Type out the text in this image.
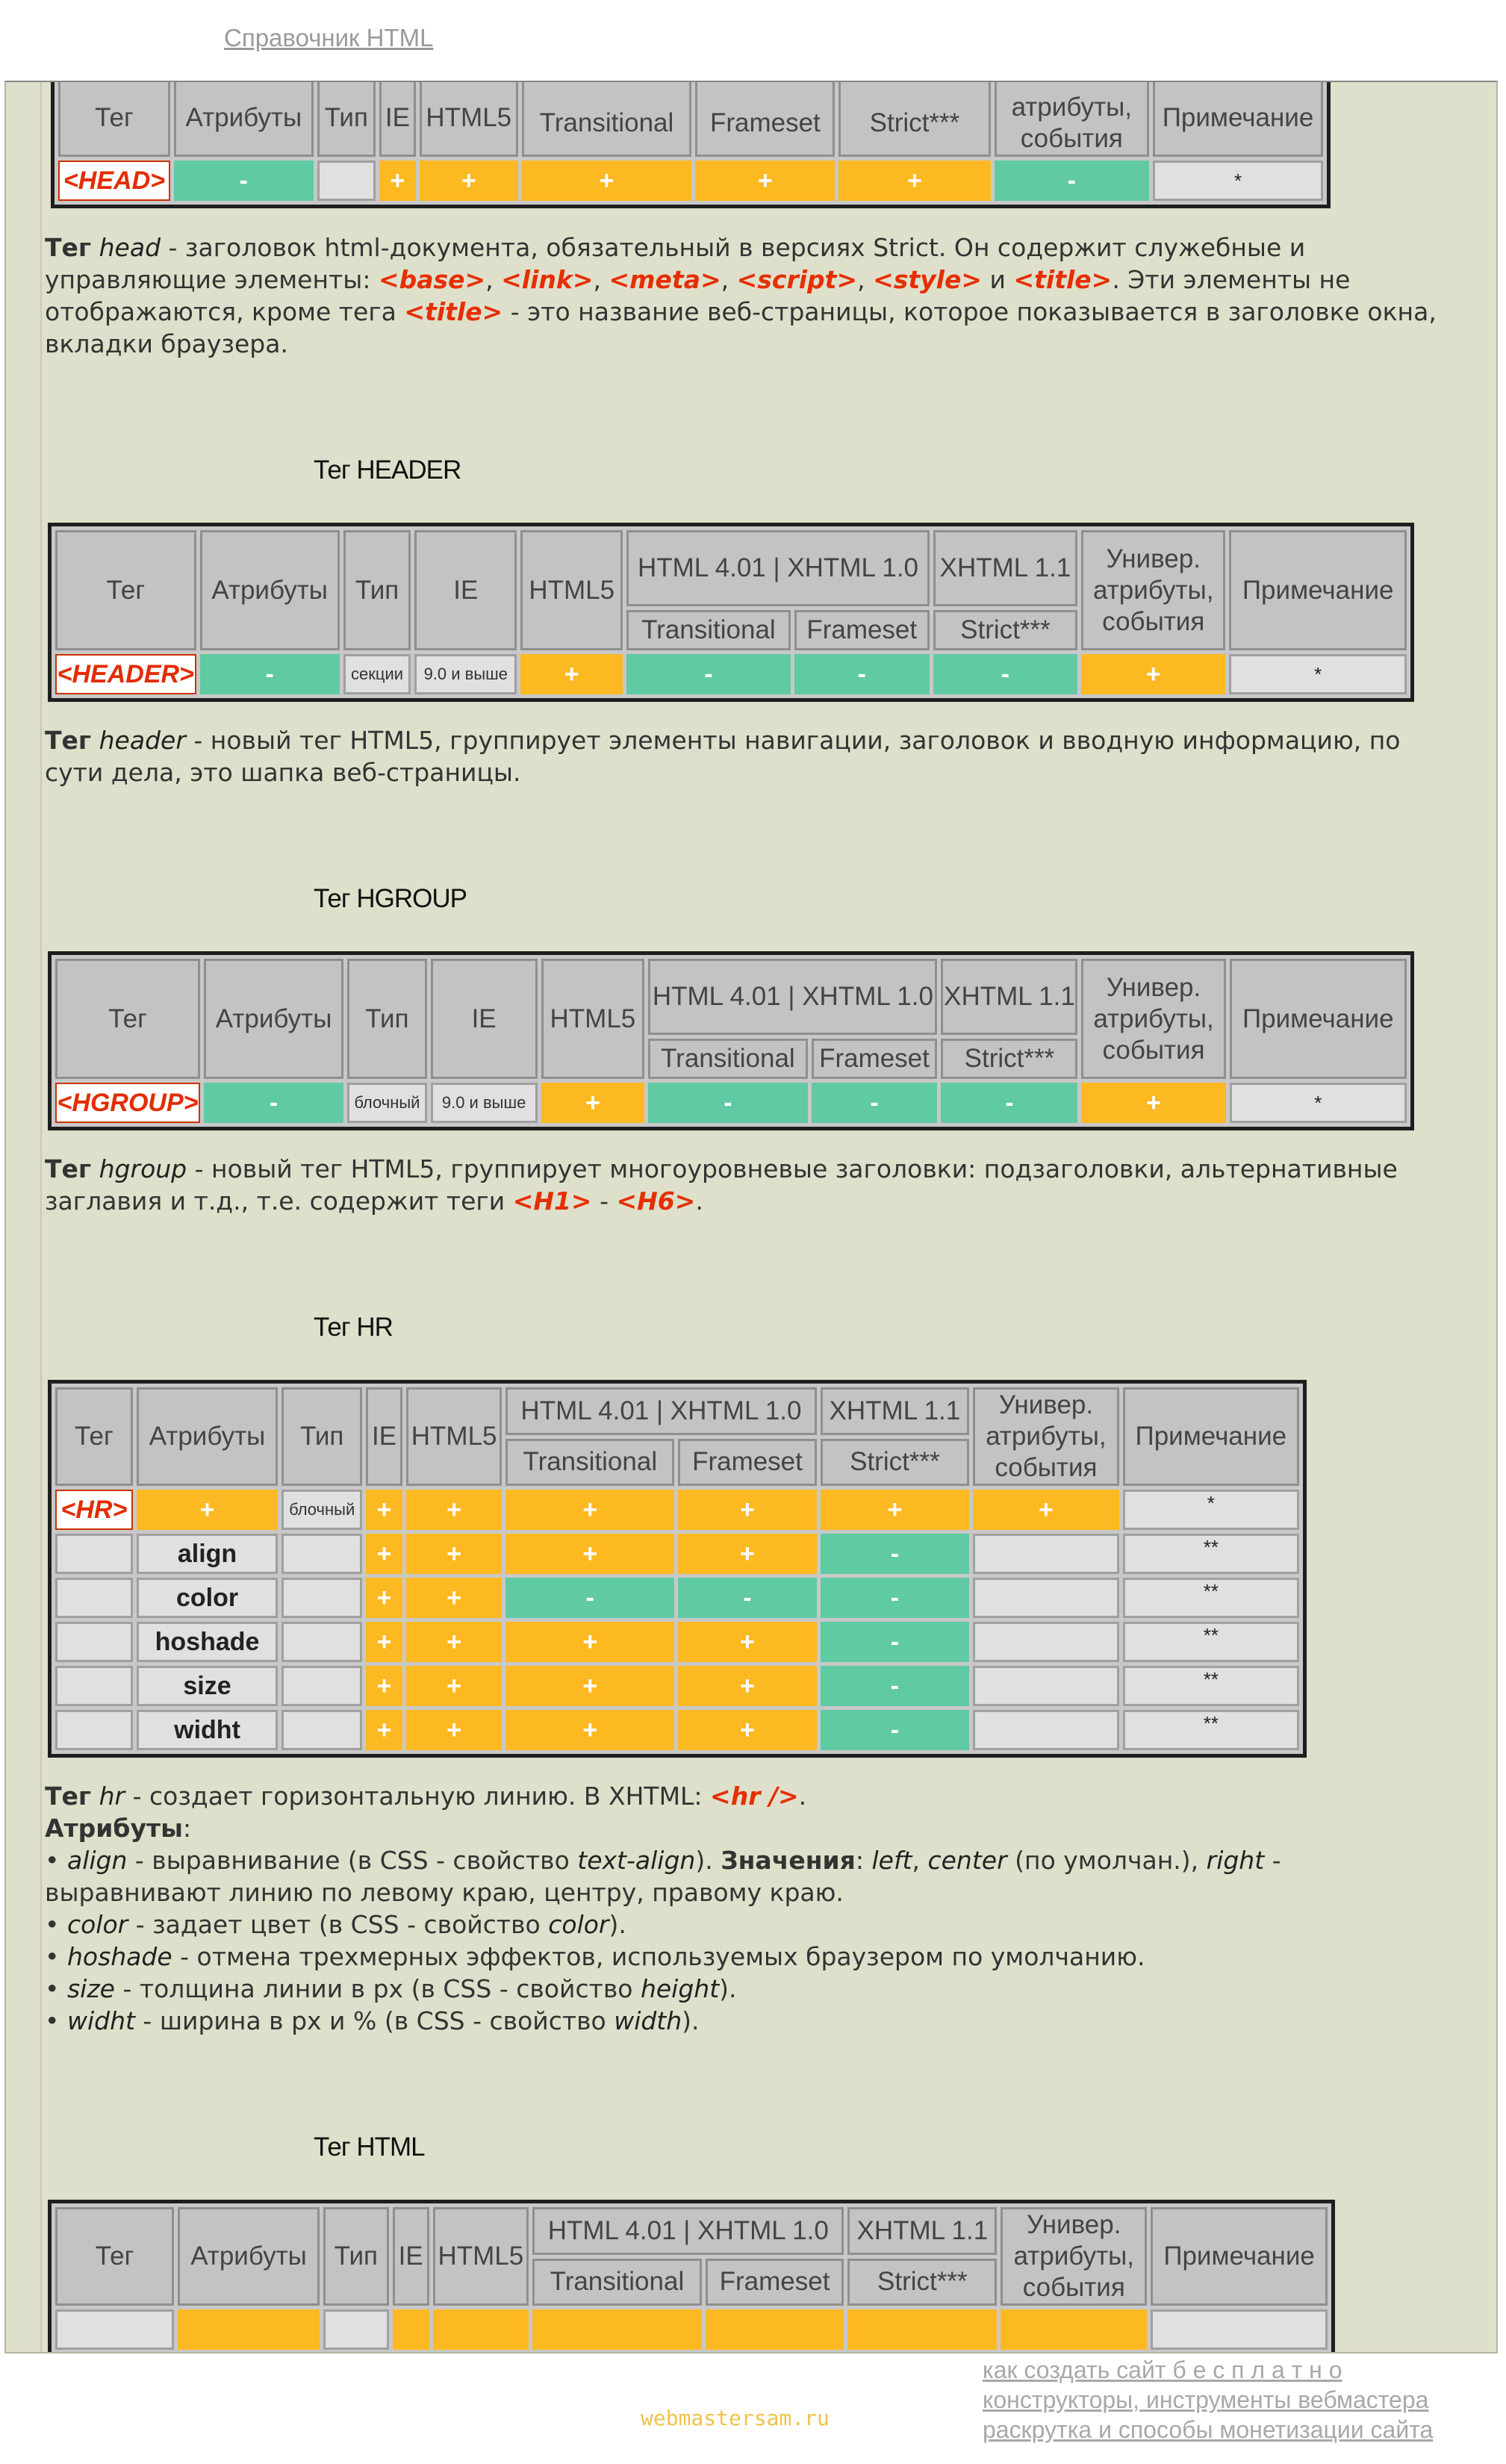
Справочник HTML
Тег	Атрибуты	Тип	IE	HTML5	Transitional	Frameset	Strict***	атрибуты, события	Примечание
<HEAD>	-		+	+	+	+	+	-	*
Тег head - заголовок html-документа, обязательный в версиях Strict. Он содержит служебные и управляющие элементы: <base>, <link>, <meta>, <script>, <style> и <title>. Эти элементы не отображаются, кроме тега <title> - это название веб-страницы, которое показывается в заголовке окна, вкладки браузера.
Тег HEADER
Тег	Атрибуты	Тип	IE	HTML5	HTML 4.01 | XHTML 1.0		XHTML 1.1	Универ. атрибуты, события	Примечание
					Transitional	Frameset	Strict***		
<HEADER>	-	секции	9.0 и выше	+	-	-	-	+	*
Тег header - новый тег HTML5, группирует элементы навигации, заголовок и вводную информацию, по сути дела, это шапка веб-страницы.
Тег HGROUP
Тег	Атрибуты	Тип	IE	HTML5	HTML 4.01 | XHTML 1.0		XHTML 1.1	Универ. атрибуты, события	Примечание
					Transitional	Frameset	Strict***		
<HGROUP>	-	блочный	9.0 и выше	+	-	-	-	+	*
Тег hgroup - новый тег HTML5, группирует многоуровневые заголовки: подзаголовки, альтернативные заглавия и т.д., т.е. содержит теги <H1> - <H6>.
Тег HR
Тег	Атрибуты	Тип	IE	HTML5	HTML 4.01 | XHTML 1.0		XHTML 1.1	Универ. атрибуты, события	Примечание
					Transitional	Frameset	Strict***		
<HR>	+	блочный	+	+	+	+	+	+	*
	align		+	+	+	+	-		**
	color		+	+	-	-	-		**
	hoshade		+	+	+	+	-		**
	size		+	+	+	+	-		**
	widht		+	+	+	+	-		**
Тег hr - создает горизонтальную линию. В XHTML: <hr />.
Атрибуты:
• align - выравнивание (в CSS - свойство text-align). Значения: left, center (по умолчан.), right - выравнивают линию по левому краю, центру, правому краю.
• color - задает цвет (в CSS - свойство color).
• hoshade - отмена трехмерных эффектов, используемых браузером по умолчанию.
• size - толщина линии в px (в CSS - свойство height).
• widht - ширина в px и % (в CSS - свойство width).
Тег HTML
Тег	Атрибуты	Тип	IE	HTML5	HTML 4.01 | XHTML 1.0		XHTML 1.1	Универ. атрибуты, события	Примечание
					Transitional	Frameset	Strict***		

как создать сайт б е с п л а т н о
конструкторы, инструменты вебмастера
раскрутка и способы монетизации сайта
webmastersam.ru
